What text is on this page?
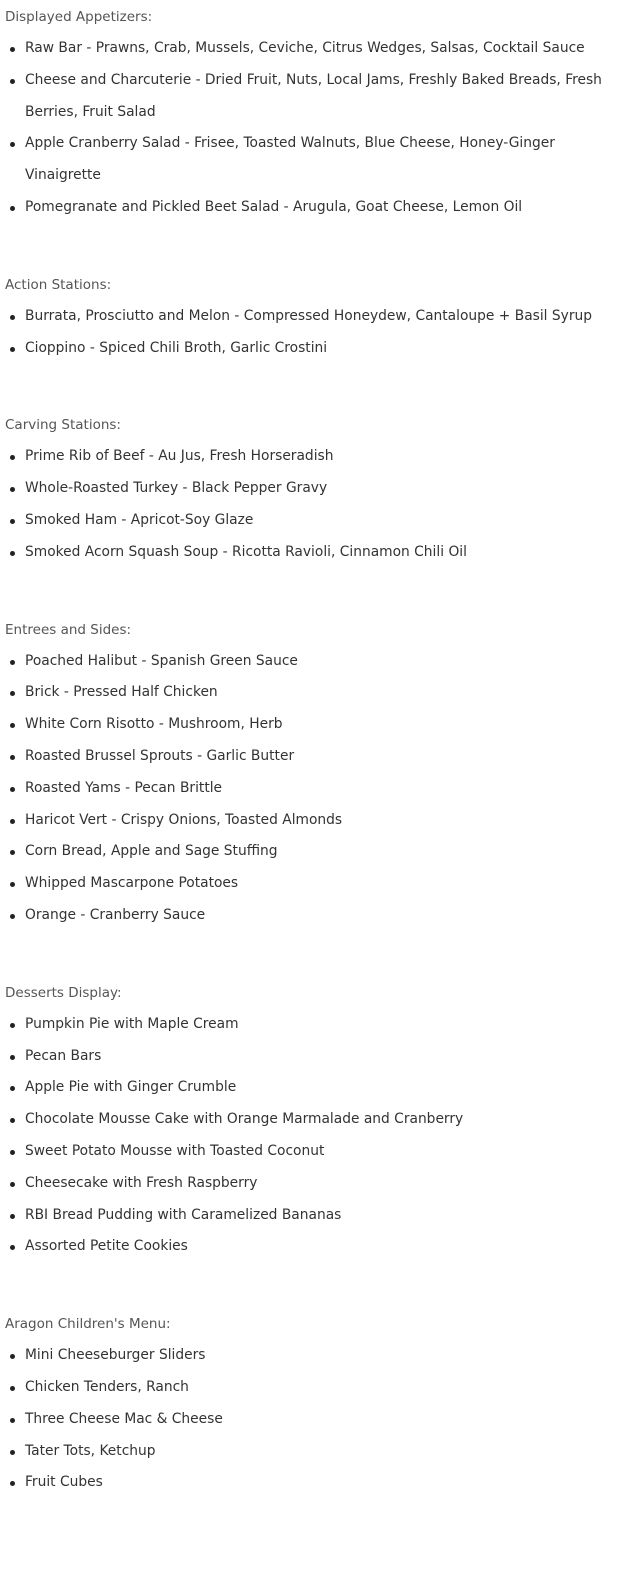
Displayed Appetizers:
Raw Bar - Prawns, Crab, Mussels, Ceviche, Citrus Wedges, Salsas, Cocktail Sauce
Cheese and Charcuterie - Dried Fruit, Nuts, Local Jams, Freshly Baked Breads, Fresh Berries, Fruit Salad
Apple Cranberry Salad - Frisee, Toasted Walnuts, Blue Cheese, Honey-Ginger Vinaigrette
Pomegranate and Pickled Beet Salad - Arugula, Goat Cheese, Lemon Oil
Action Stations:
Burrata, Prosciutto and Melon - Compressed Honeydew, Cantaloupe + Basil Syrup
Cioppino - Spiced Chili Broth, Garlic Crostini
Carving Stations:
Prime Rib of Beef - Au Jus, Fresh Horseradish
Whole-Roasted Turkey - Black Pepper Gravy
Smoked Ham - Apricot-Soy Glaze
Smoked Acorn Squash Soup - Ricotta Ravioli, Cinnamon Chili Oil
Entrees and Sides:
Poached Halibut - Spanish Green Sauce
Brick - Pressed Half Chicken
White Corn Risotto - Mushroom, Herb
Roasted Brussel Sprouts - Garlic Butter
Roasted Yams - Pecan Brittle
Haricot Vert - Crispy Onions, Toasted Almonds
Corn Bread, Apple and Sage Stuffing
Whipped Mascarpone Potatoes
Orange - Cranberry Sauce
Desserts Display:
Pumpkin Pie with Maple Cream
Pecan Bars
Apple Pie with Ginger Crumble
Chocolate Mousse Cake with Orange Marmalade and Cranberry
Sweet Potato Mousse with Toasted Coconut
Cheesecake with Fresh Raspberry
RBI Bread Pudding with Caramelized Bananas
Assorted Petite Cookies
Aragon Children's Menu:
Mini Cheeseburger Sliders
Chicken Tenders, Ranch
Three Cheese Mac & Cheese
Tater Tots, Ketchup
Fruit Cubes
